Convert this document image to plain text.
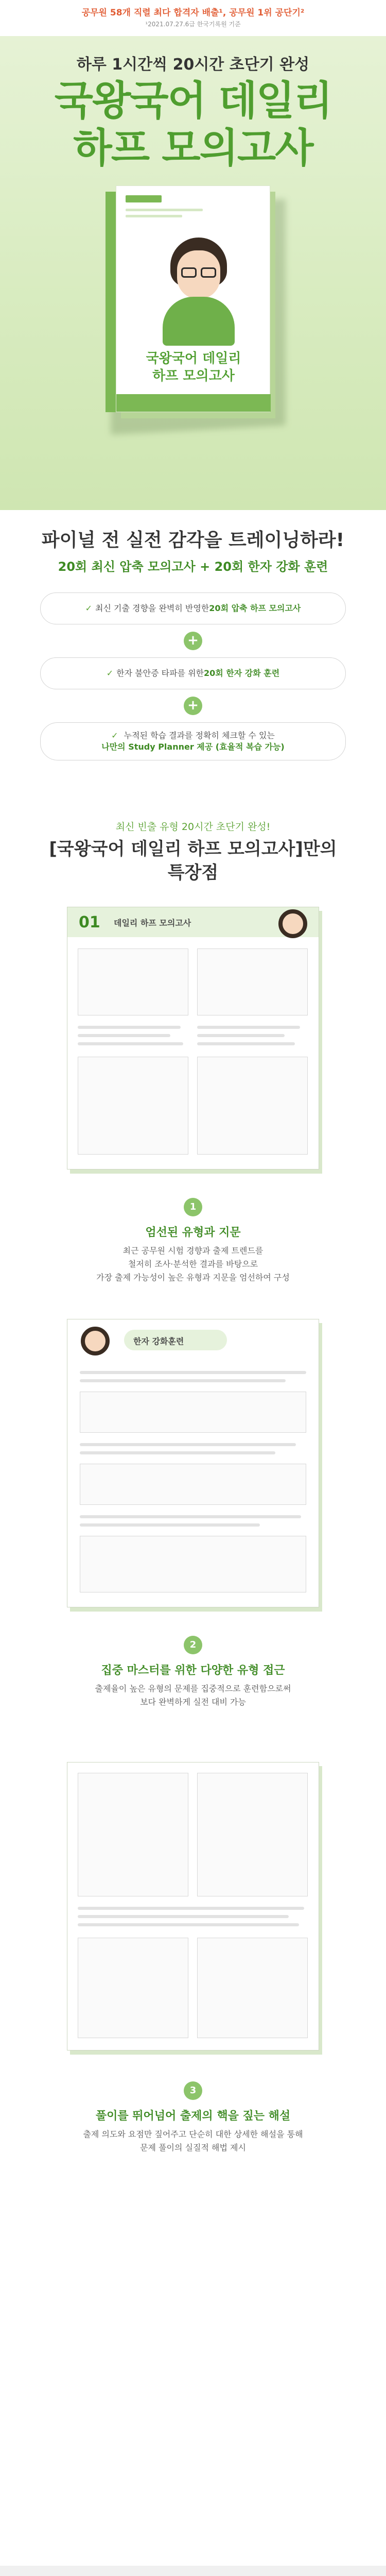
공무원 58개 직렬 최다 합격자 배출¹, 공무원 1위 공단기²
¹2021.07.27.6급 한국기록원 기준
하루 1시간씩 20시간 초단기 완성
국왕국어 데일리
하프 모의고사
국왕국어 데일리
하프 모의고사
파이널 전 실전 감각을 트레이닝하라!
20회 최신 압축 모의고사 + 20회 한자 강화 훈련
✓ 최신 기출 경향을 완벽히 반영한 20회 압축 하프 모의고사
+
✓ 한자 불안증 타파를 위한 20회 한자 강화 훈련
+
✓ 누적된 학습 결과를 정확히 체크할 수 있는
나만의 Study Planner 제공 (효율적 복습 가능)
최신 빈출 유형 20시간 초단기 완성!
[국왕국어 데일리 하프 모의고사]만의
특장점
01 데일리 하프 모의고사
1
엄선된 유형과 지문
최근 공무원 시험 경향과 출제 트렌드를
철저히 조사·분석한 결과를 바탕으로
가장 출제 가능성이 높은 유형과 지문을 엄선하여 구성
한자 강화훈련
2
집중 마스터를 위한 다양한 유형 접근
출제율이 높은 유형의 문제를 집중적으로 훈련함으로써
보다 완벽하게 실전 대비 가능
3
풀이를 뛰어넘어 출제의 핵을 짚는 해설
출제 의도와 요점만 짚어주고 단순히 대한 상세한 해설을 통해
문제 풀이의 실질적 해법 제시
